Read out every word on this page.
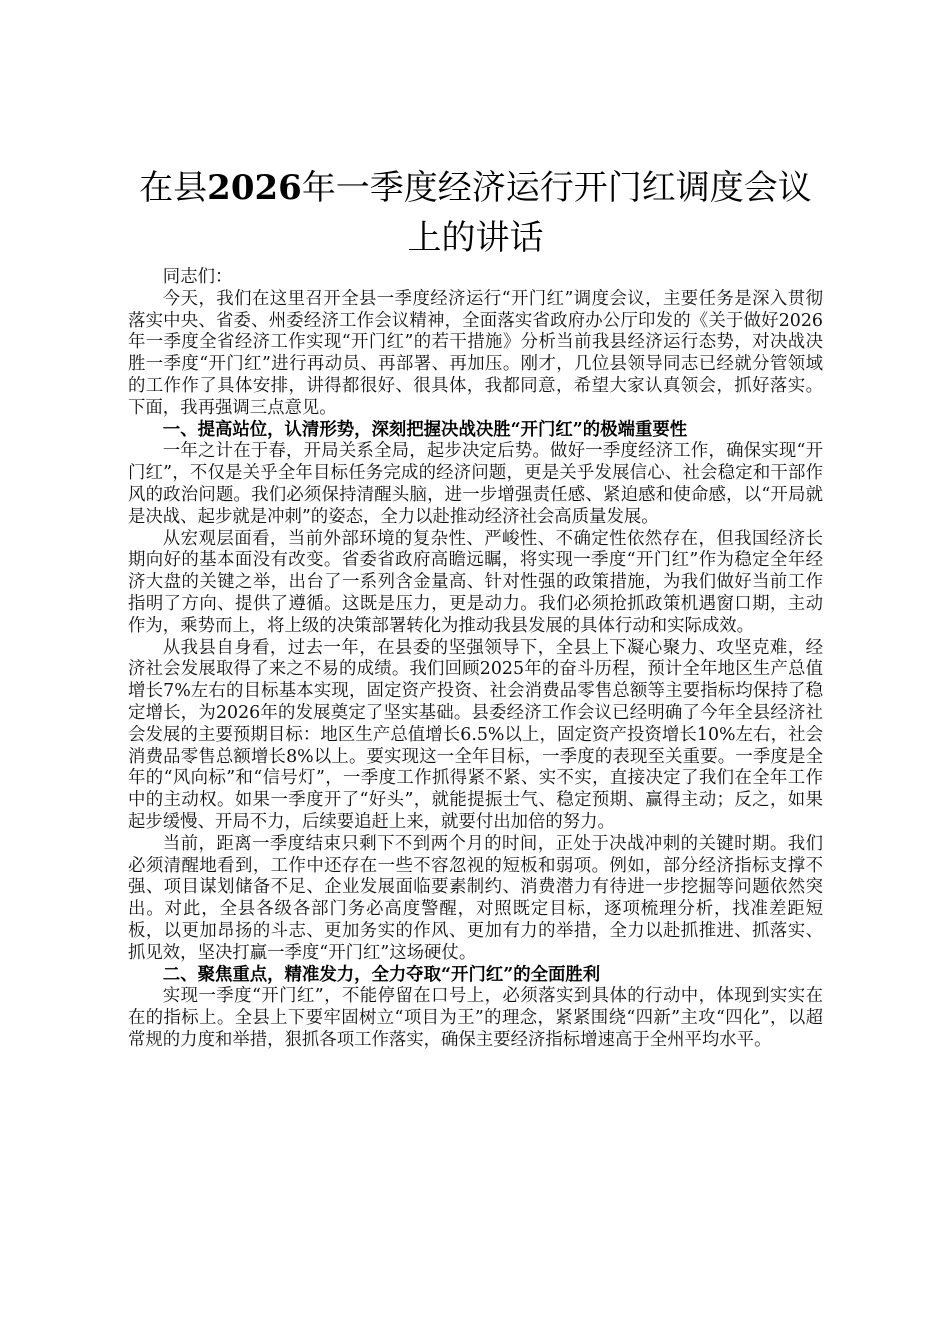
在县2026年一季度经济运行开门红调度会议
上的讲话

同志们：

今天，我们在这里召开全县一季度经济运行“开门红”调度会议，主要任务是深入贯彻落实中央、省委、州委经济工作会议精神，全面落实省政府办公厅印发的《关于做好2026年一季度全省经济工作实现“开门红”的若干措施》分析当前我县经济运行态势，对决战决胜一季度“开门红”进行再动员、再部署、再加压。刚才，几位县领导同志已经就分管领域的工作作了具体安排，讲得都很好、很具体，我都同意，希望大家认真领会，抓好落实。下面，我再强调三点意见。

一、提高站位，认清形势，深刻把握决战决胜“开门红”的极端重要性

一年之计在于春，开局关系全局，起步决定后势。做好一季度经济工作，确保实现“开门红”，不仅是关乎全年目标任务完成的经济问题，更是关乎发展信心、社会稳定和干部作风的政治问题。我们必须保持清醒头脑，进一步增强责任感、紧迫感和使命感，以“开局就是决战、起步就是冲刺”的姿态，全力以赴推动经济社会高质量发展。

从宏观层面看，当前外部环境的复杂性、严峻性、不确定性依然存在，但我国经济长期向好的基本面没有改变。省委省政府高瞻远瞩，将实现一季度“开门红”作为稳定全年经济大盘的关键之举，出台了一系列含金量高、针对性强的政策措施，为我们做好当前工作指明了方向、提供了遵循。这既是压力，更是动力。我们必须抢抓政策机遇窗口期，主动作为，乘势而上，将上级的决策部署转化为推动我县发展的具体行动和实际成效。

从我县自身看，过去一年，在县委的坚强领导下，全县上下凝心聚力、攻坚克难，经济社会发展取得了来之不易的成绩。我们回顾2025年的奋斗历程，预计全年地区生产总值增长7%左右的目标基本实现，固定资产投资、社会消费品零售总额等主要指标均保持了稳定增长，为2026年的发展奠定了坚实基础。县委经济工作会议已经明确了今年全县经济社会发展的主要预期目标：地区生产总值增长6.5%以上，固定资产投资增长10%左右，社会消费品零售总额增长8%以上。要实现这一全年目标，一季度的表现至关重要。一季度是全年的“风向标”和“信号灯”，一季度工作抓得紧不紧、实不实，直接决定了我们在全年工作中的主动权。如果一季度开了“好头”，就能提振士气、稳定预期、赢得主动；反之，如果起步缓慢、开局不力，后续要追赶上来，就要付出加倍的努力。

当前，距离一季度结束只剩下不到两个月的时间，正处于决战冲刺的关键时期。我们必须清醒地看到，工作中还存在一些不容忽视的短板和弱项。例如，部分经济指标支撑不强、项目谋划储备不足、企业发展面临要素制约、消费潜力有待进一步挖掘等问题依然突出。对此，全县各级各部门务必高度警醒，对照既定目标，逐项梳理分析，找准差距短板，以更加昂扬的斗志、更加务实的作风、更加有力的举措，全力以赴抓推进、抓落实、抓见效，坚决打赢一季度“开门红”这场硬仗。

二、聚焦重点，精准发力，全力夺取“开门红”的全面胜利

实现一季度“开门红”，不能停留在口号上，必须落实到具体的行动中，体现到实实在在的指标上。全县上下要牢固树立“项目为王”的理念，紧紧围绕“四新”主攻“四化”，以超常规的力度和举措，狠抓各项工作落实，确保主要经济指标增速高于全州平均水平。
